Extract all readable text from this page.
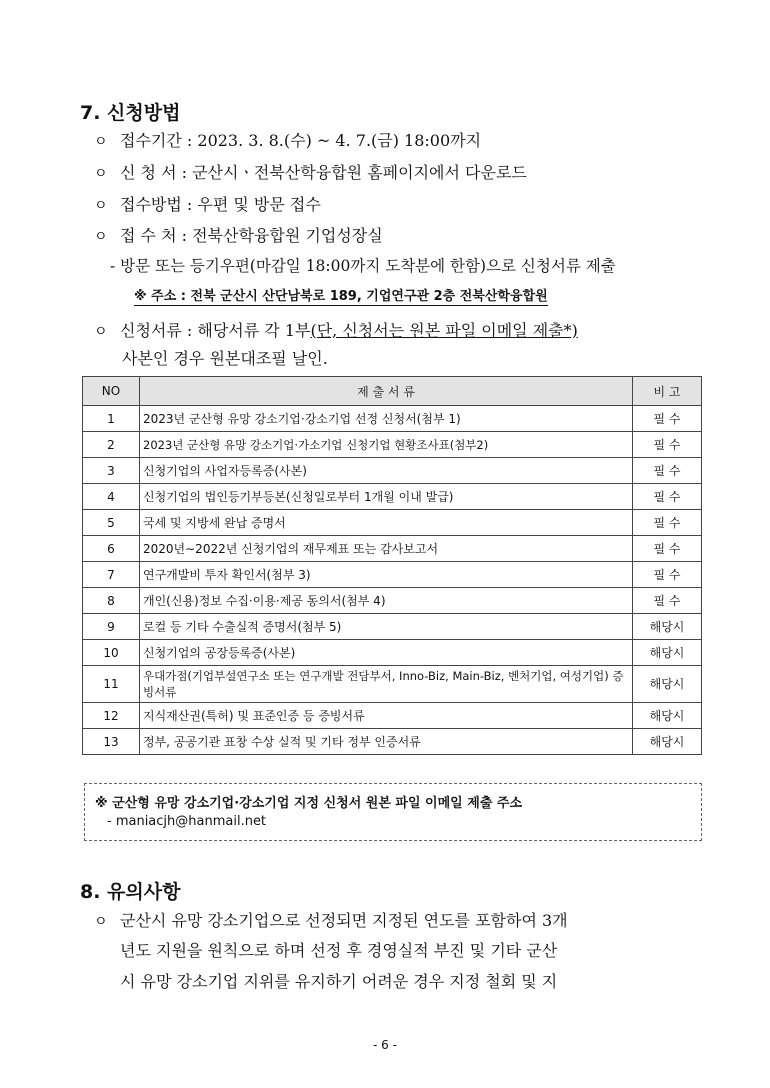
7. 신청방법
ㅇ 접수기간 : 2023. 3. 8.(수) ~ 4. 7.(금) 18:00까지
ㅇ 신 청 서 : 군산시ㆍ전북산학융합원 홈페이지에서 다운로드
ㅇ 접수방법 : 우편 및 방문 접수
ㅇ 접 수 처 : 전북산학융합원 기업성장실
- 방문 또는 등기우편(마감일 18:00까지 도착분에 한함)으로 신청서류 제출
※ 주소 : 전북 군산시 산단남북로 189, 기업연구관 2층 전북산학융합원
ㅇ 신청서류 : 해당서류 각 1부(단, 신청서는 원본 파일 이메일 제출*)
사본인 경우 원본대조필 날인.
NO	제 출 서 류	비 고
1	2023년 군산형 유망 강소기업·강소기업 선정 신청서(첨부 1)	필 수
2	2023년 군산형 유망 강소기업·가소기업 신청기업 현황조사표(첨부2)	필 수
3	신청기업의 사업자등록증(사본)	필 수
4	신청기업의 법인등기부등본(신청일로부터 1개월 이내 발급)	필 수
5	국세 및 지방세 완납 증명서	필 수
6	2020년∼2022년 신청기업의 재무제표 또는 감사보고서	필 수
7	연구개발비 투자 확인서(첨부 3)	필 수
8	개인(신용)정보 수집·이용·제공 동의서(첨부 4)	필 수
9	로컬 등 기타 수출실적 증명서(첨부 5)	해당시
10	신청기업의 공장등록증(사본)	해당시
11	우대가점(기업부설연구소 또는 연구개발 전담부서, Inno-Biz, Main-Biz, 벤처기업, 여성기업) 증빙서류	해당시
12	지식재산권(특허) 및 표준인증 등 증빙서류	해당시
13	정부, 공공기관 표창 수상 실적 및 기타 정부 인증서류	해당시
※ 군산형 유망 강소기업·강소기업 지정 신청서 원본 파일 이메일 제출 주소
- maniacjh@hanmail.net
8. 유의사항
ㅇ 군산시 유망 강소기업으로 선정되면 지정된 연도를 포함하여 3개
년도 지원을 원칙으로 하며 선정 후 경영실적 부진 및 기타 군산
시 유망 강소기업 지위를 유지하기 어려운 경우 지정 철회 및 지
- 6 -
